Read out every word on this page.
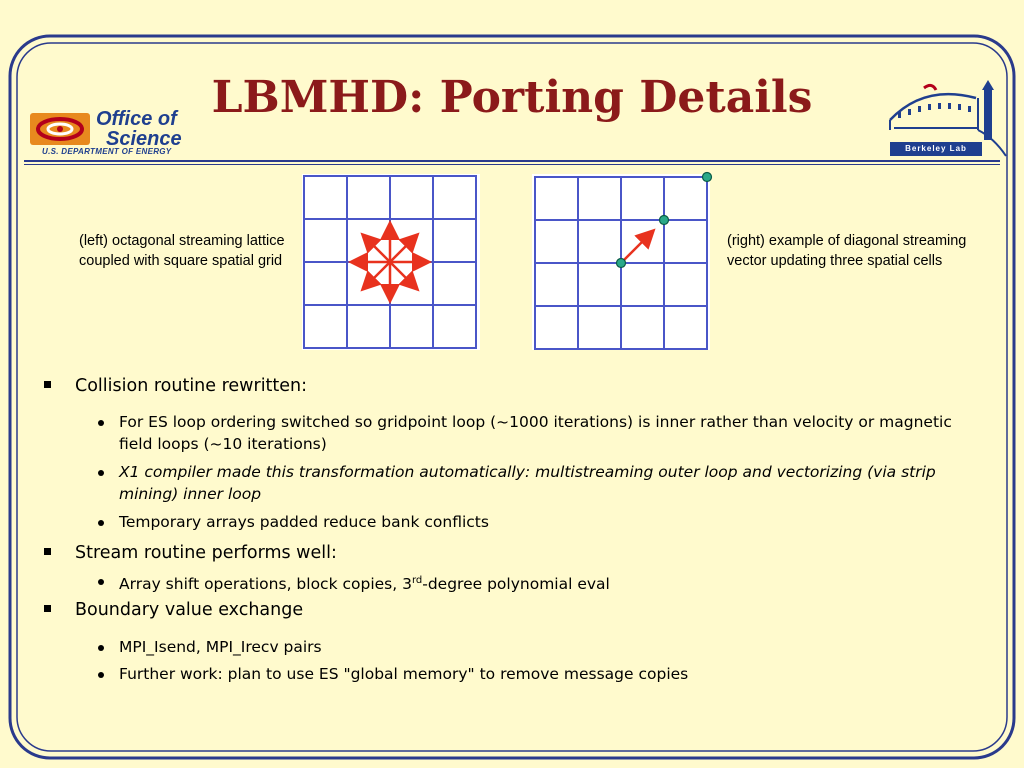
Office of
Science
U.S. DEPARTMENT OF ENERGY	Berkeley Lab
LBMHD: Porting Details
(left) octagonal streaming lattice coupled with square spatial grid
(right) example of diagonal streaming vector updating three spatial cells
Collision routine rewritten:
For ES loop ordering switched so gridpoint loop (~1000 iterations) is inner rather than velocity or magnetic field loops (~10 iterations)
X1 compiler made this transformation automatically: multistreaming outer loop and vectorizing (via strip mining) inner loop
Temporary arrays padded reduce bank conflicts
Stream routine performs well:
Array shift operations, block copies, 3rd-degree polynomial eval
Boundary value exchange
MPI_Isend, MPI_Irecv pairs
Further work: plan to use ES "global memory" to remove message copies
